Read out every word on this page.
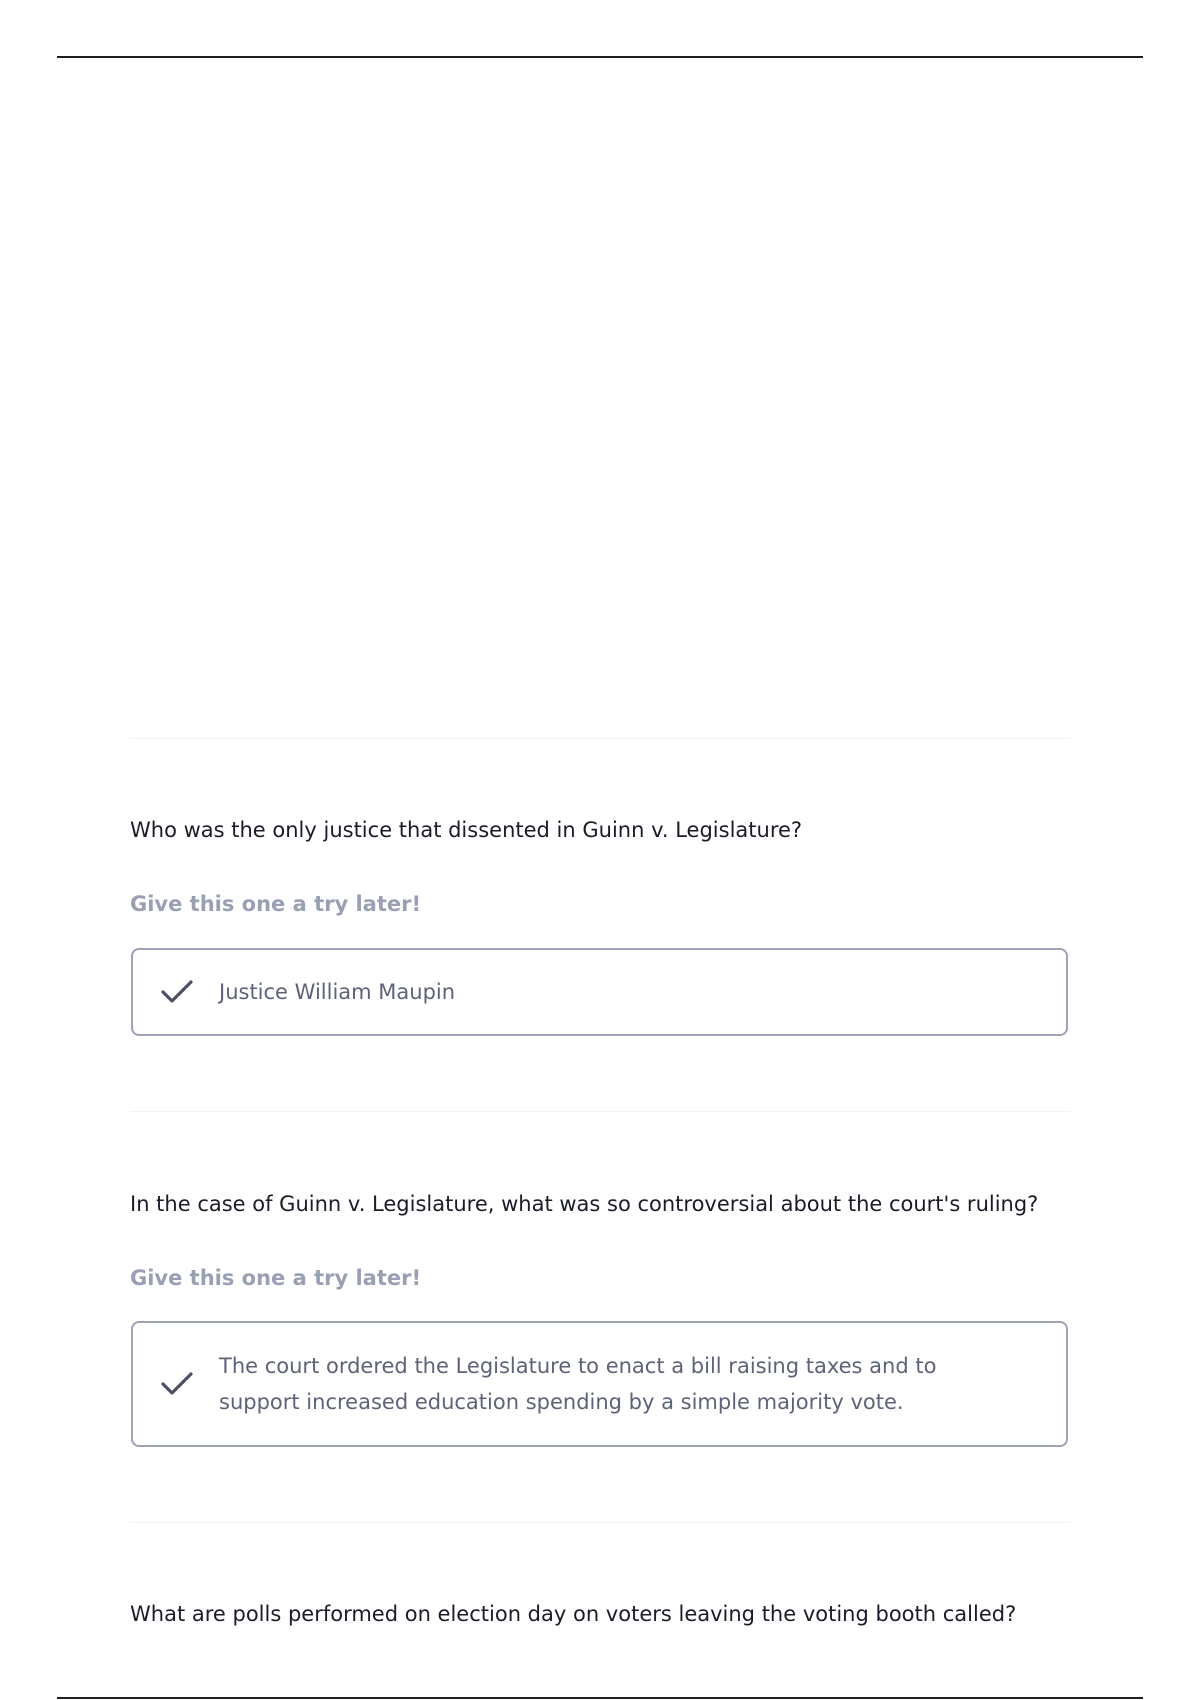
Who was the only justice that dissented in Guinn v. Legislature?
Give this one a try later!
Justice William Maupin
In the case of Guinn v. Legislature, what was so controversial about the court's ruling?
Give this one a try later!
The court ordered the Legislature to enact a bill raising taxes and to support increased education spending by a simple majority vote.
What are polls performed on election day on voters leaving the voting booth called?
